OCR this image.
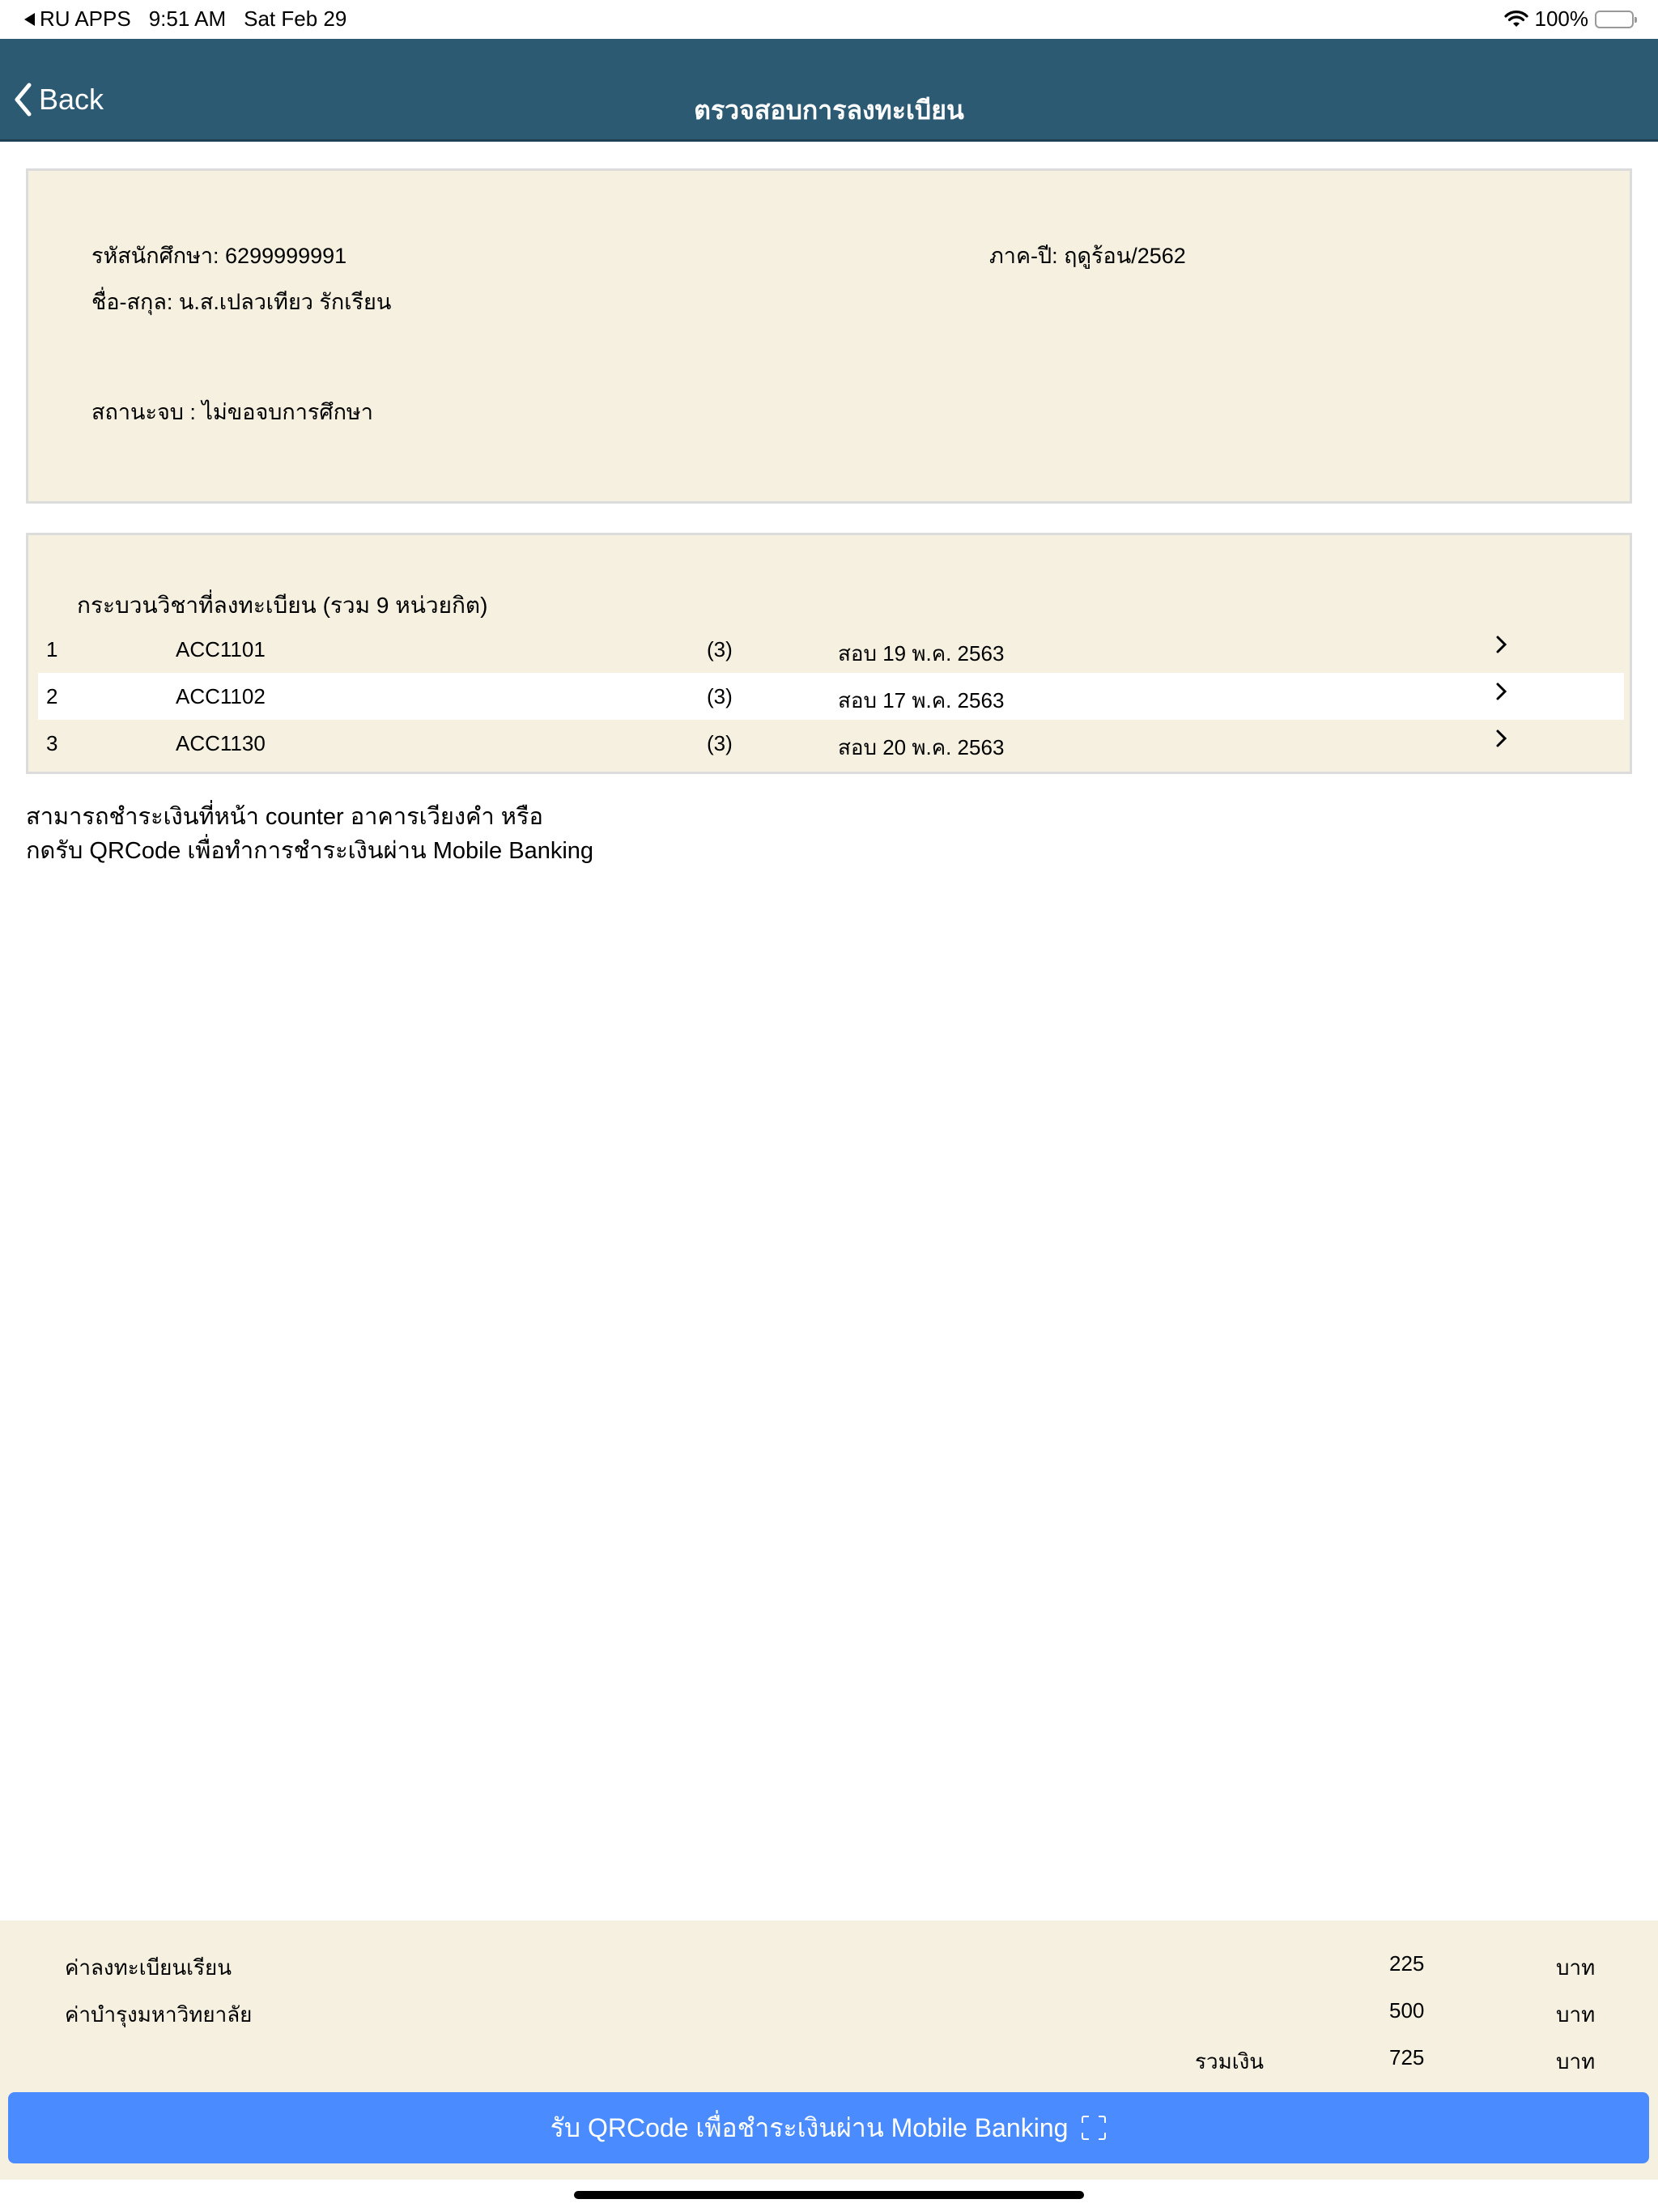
RU APPS 9:51 AM Sat Feb 29	100%
Back	ตรวจสอบการลงทะเบียน
รหัสนักศึกษา: 6299999991
ชื่อ-สกุล: น.ส.เปลวเทียว รักเรียน
ภาค-ปี: ฤดูร้อน/2562
สถานะจบ : ไม่ขอจบการศึกษา
กระบวนวิชาที่ลงทะเบียน (รวม 9 หน่วยกิต)
1	ACC1101	(3)	สอบ 19 พ.ค. 2563
2	ACC1102	(3)	สอบ 17 พ.ค. 2563
3	ACC1130	(3)	สอบ 20 พ.ค. 2563
สามารถชำระเงินที่หน้า counter อาคารเวียงคำ หรือ
กดรับ QRCode เพื่อทำการชำระเงินผ่าน Mobile Banking
ค่าลงทะเบียนเรียน	225	บาท
ค่าบำรุงมหาวิทยาลัย	500	บาท
รวมเงิน	725	บาท
รับ QRCode เพื่อชำระเงินผ่าน Mobile Banking
